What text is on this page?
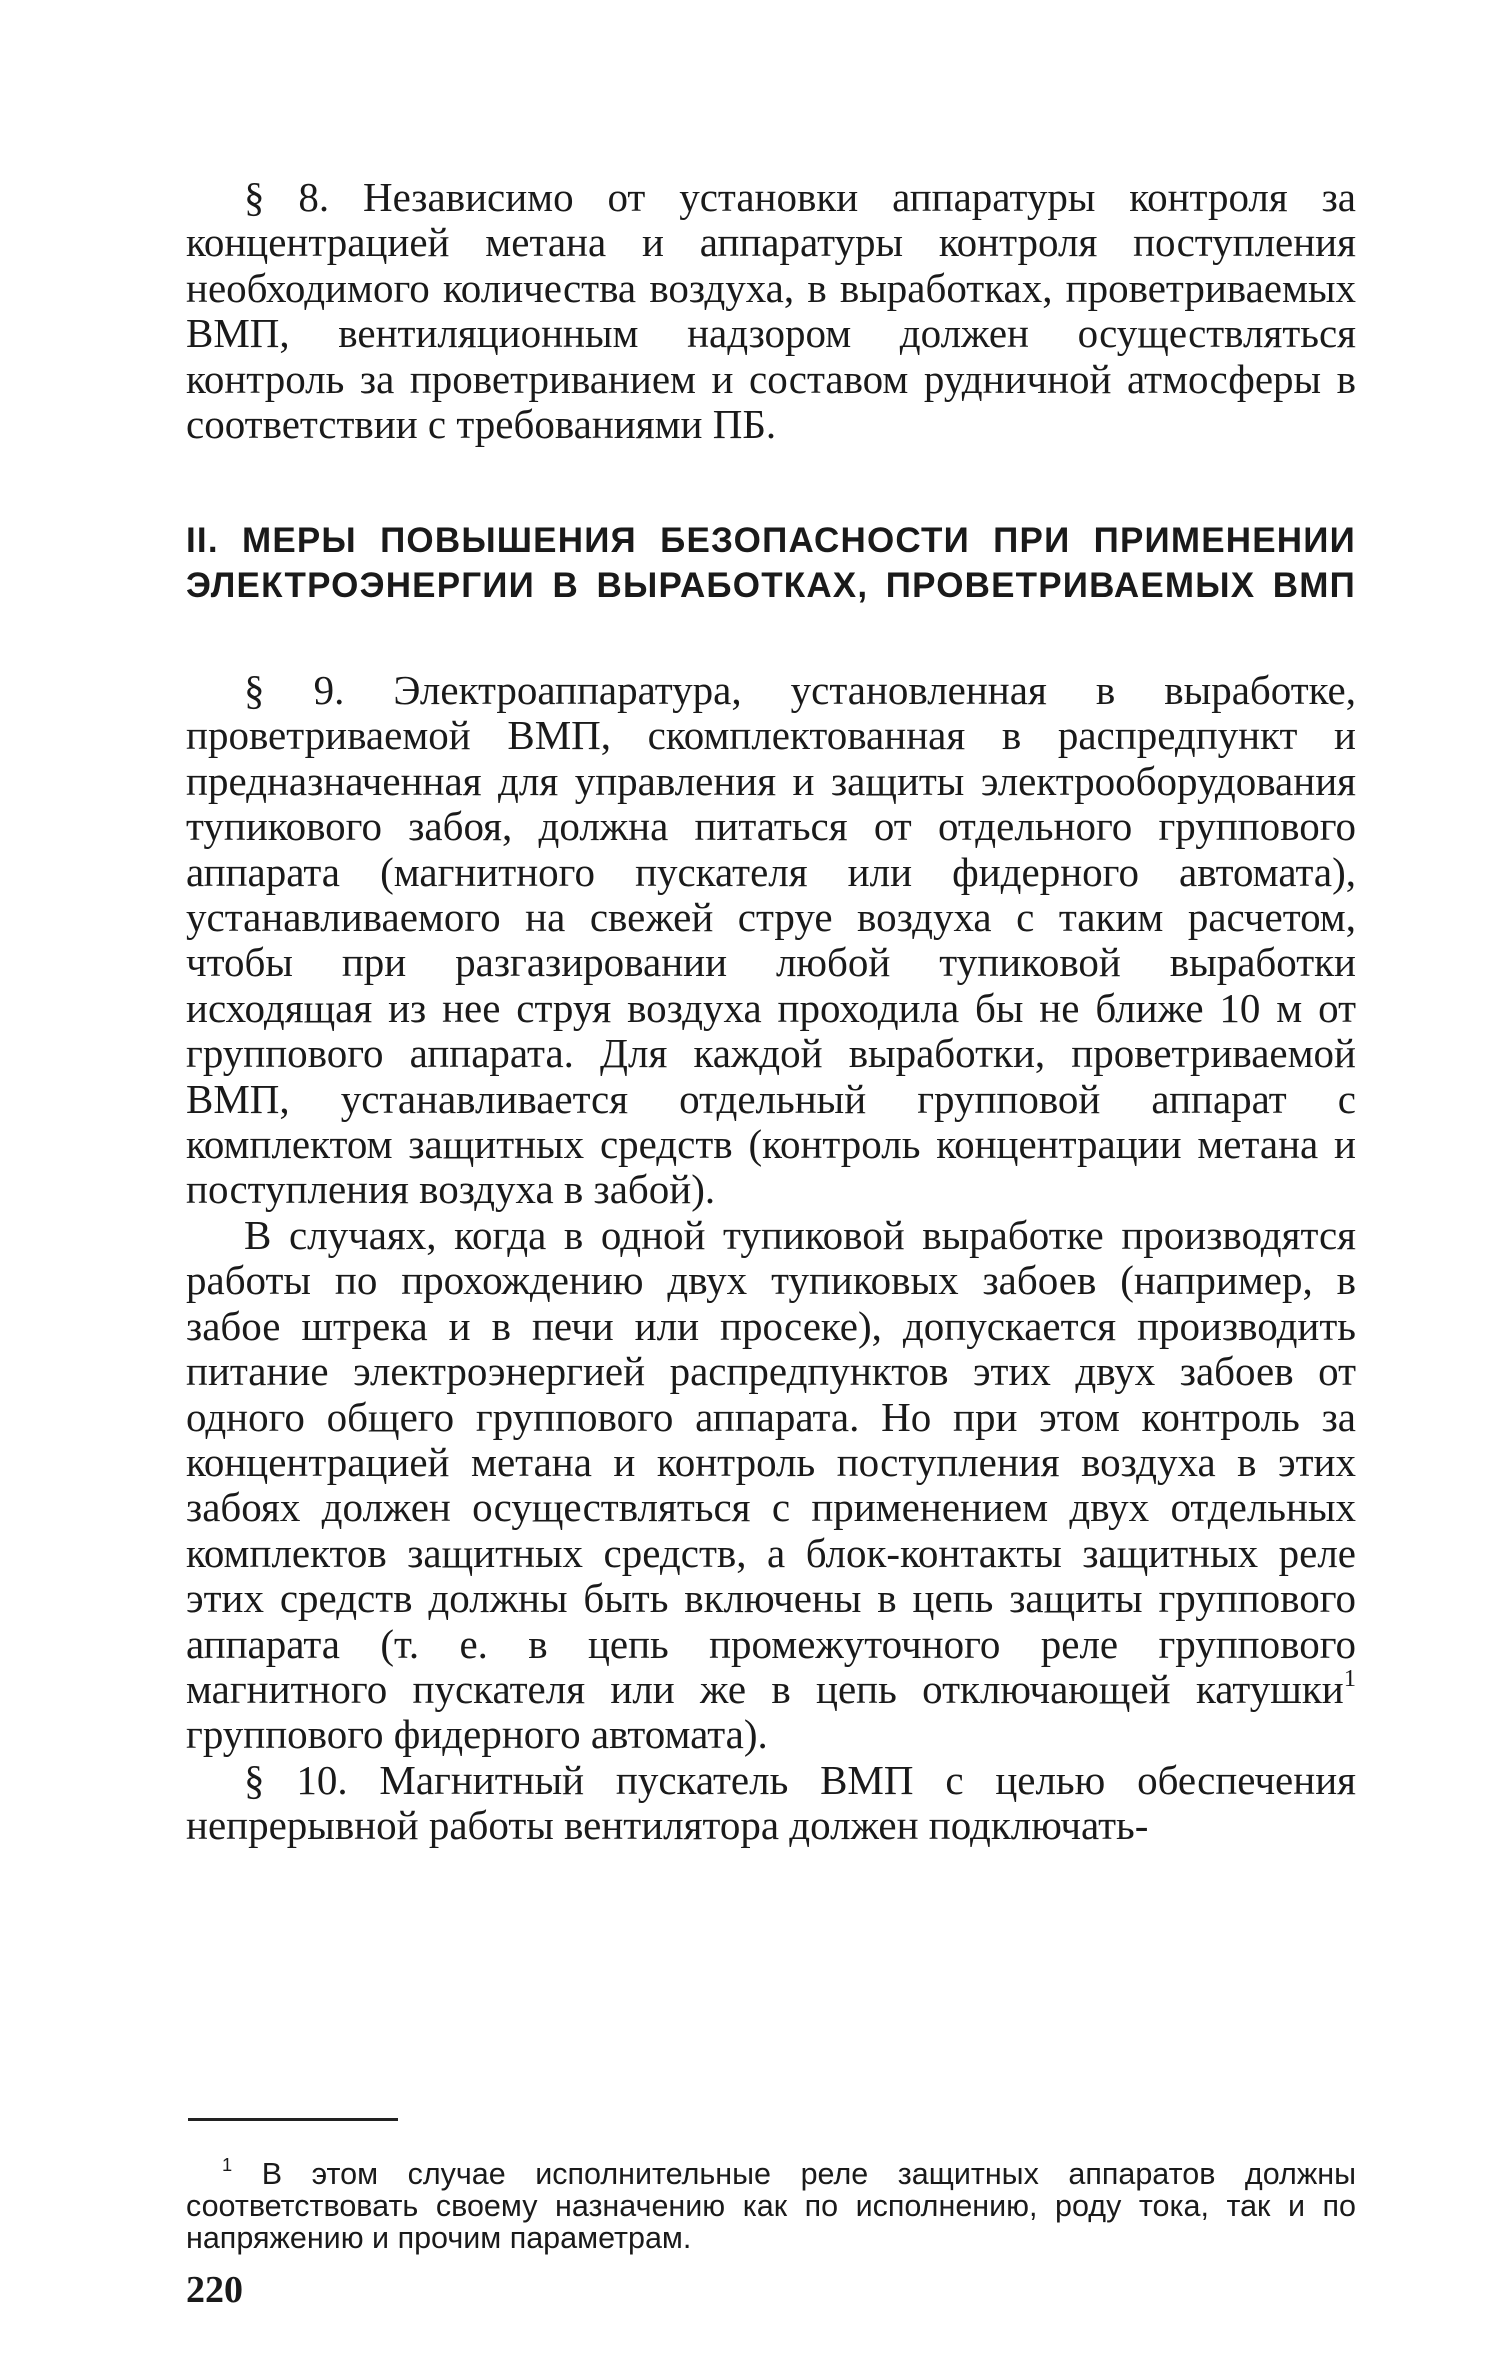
§ 8. Независимо от установки аппаратуры контроля за концентрацией метана и аппаратуры контроля поступления необходимого количества воздуха, в выработках, проветриваемых ВМП, вентиляционным надзором должен осуществляться контроль за проветриванием и составом рудничной атмосферы в соответствии с требованиями ПБ.

II. МЕРЫ ПОВЫШЕНИЯ БЕЗОПАСНОСТИ ПРИ ПРИМЕНЕНИИ
ЭЛЕКТРОЭНЕРГИИ В ВЫРАБОТКАХ, ПРОВЕТРИВАЕМЫХ ВМП

§ 9. Электроаппаратура, установленная в выработке, проветриваемой ВМП, скомплектованная в распредпункт и предназначенная для управления и защиты электрооборудования тупикового забоя, должна питаться от отдельного группового аппарата (магнитного пускателя или фидерного автомата), устанавливаемого на свежей струе воздуха с таким расчетом, чтобы при разгазировании любой тупиковой выработки исходящая из нее струя воздуха проходила бы не ближе 10 м от группового аппарата. Для каждой выработки, проветриваемой ВМП, устанавливается отдельный групповой аппарат с комплектом защитных средств (контроль концентрации метана и поступления воздуха в забой).

В случаях, когда в одной тупиковой выработке производятся работы по прохождению двух тупиковых забоев (например, в забое штрека и в печи или просеке), допускается производить питание электроэнергией распредпунктов этих двух забоев от одного общего группового аппарата. Но при этом контроль за концентрацией метана и контроль поступления воздуха в этих забоях должен осуществляться с применением двух отдельных комплектов защитных средств, а блок-контакты защитных реле этих средств должны быть включены в цепь защиты группового аппарата (т. е. в цепь промежуточного реле группового магнитного пускателя или же в цепь отключающей катушки$^1$ группового фидерного автомата).

§ 10. Магнитный пускатель ВМП с целью обеспечения непрерывной работы вентилятора должен подключать-

$^1$ В этом случае исполнительные реле защитных аппаратов должны соответствовать своему назначению как по исполнению, роду тока, так и по напряжению и прочим параметрам.

220
